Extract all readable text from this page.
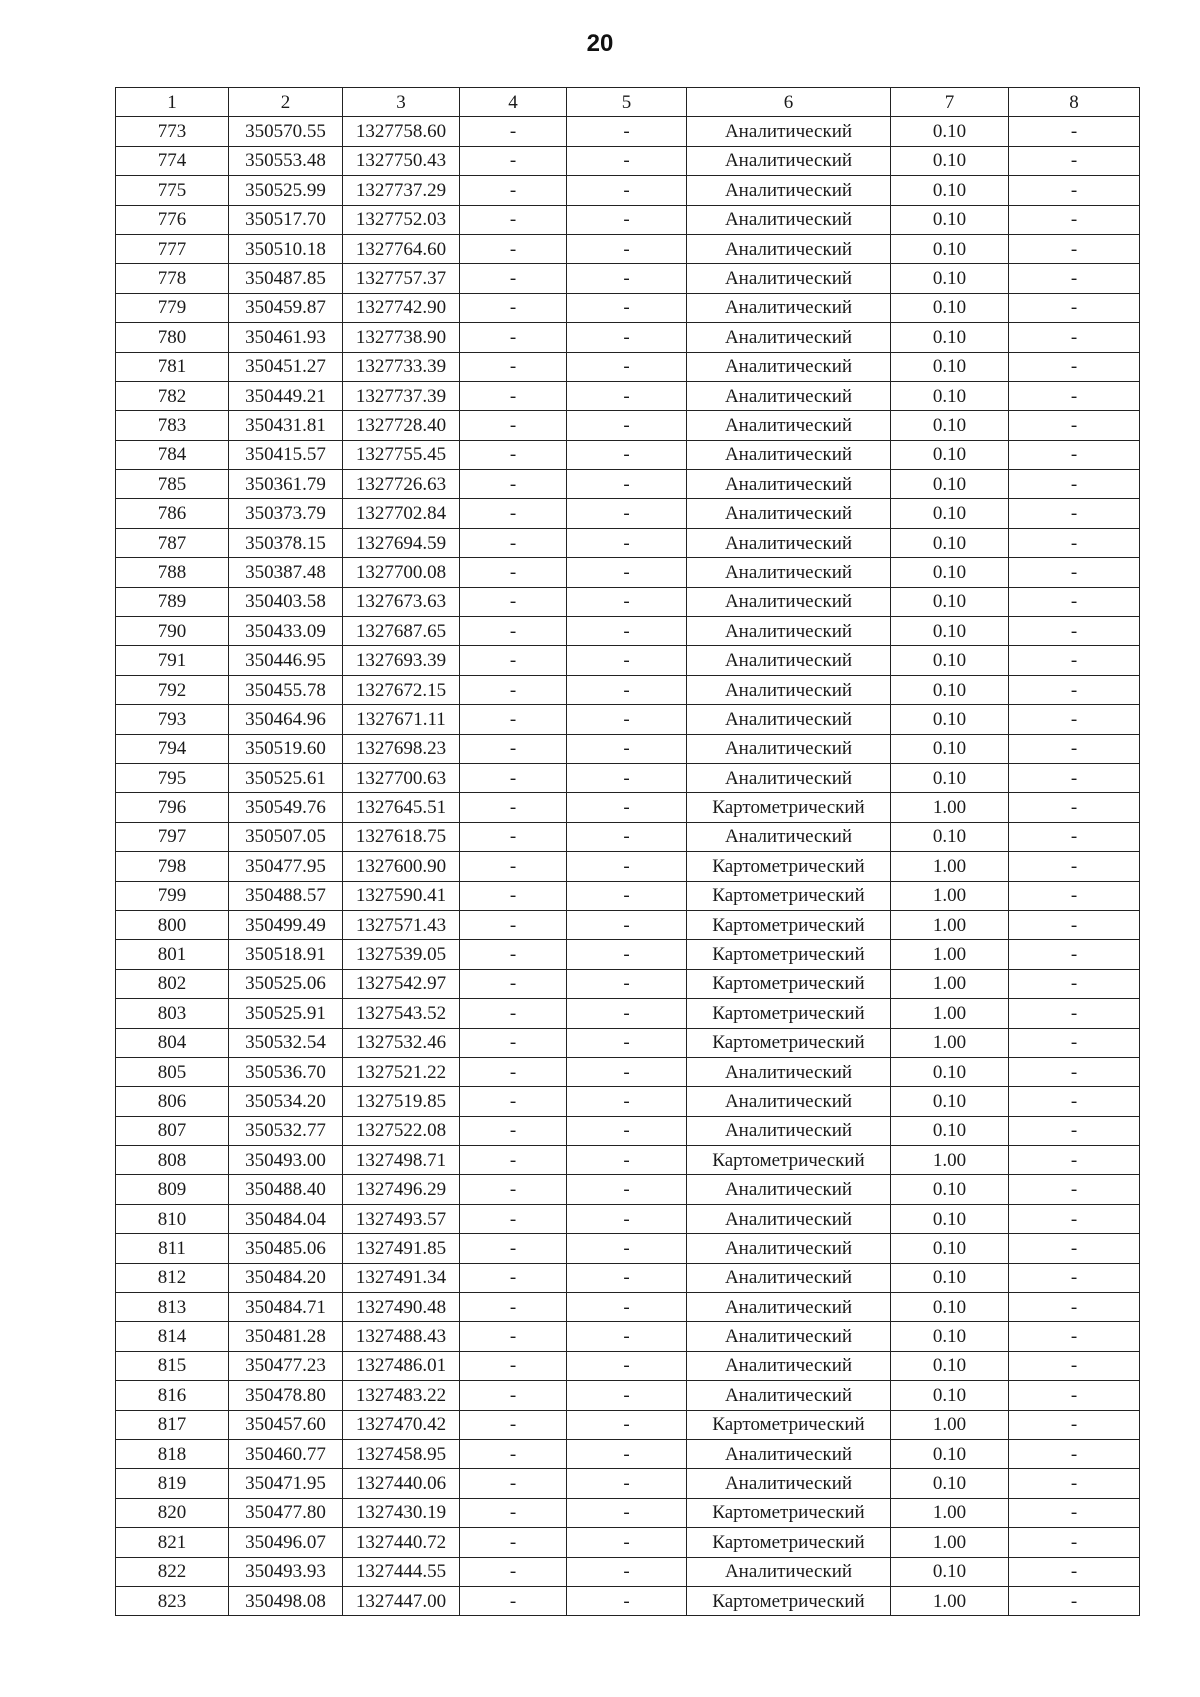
20
1	2	3	4	5	6	7	8
773	350570.55	1327758.60	-	-	Аналитический	0.10	-
774	350553.48	1327750.43	-	-	Аналитический	0.10	-
775	350525.99	1327737.29	-	-	Аналитический	0.10	-
776	350517.70	1327752.03	-	-	Аналитический	0.10	-
777	350510.18	1327764.60	-	-	Аналитический	0.10	-
778	350487.85	1327757.37	-	-	Аналитический	0.10	-
779	350459.87	1327742.90	-	-	Аналитический	0.10	-
780	350461.93	1327738.90	-	-	Аналитический	0.10	-
781	350451.27	1327733.39	-	-	Аналитический	0.10	-
782	350449.21	1327737.39	-	-	Аналитический	0.10	-
783	350431.81	1327728.40	-	-	Аналитический	0.10	-
784	350415.57	1327755.45	-	-	Аналитический	0.10	-
785	350361.79	1327726.63	-	-	Аналитический	0.10	-
786	350373.79	1327702.84	-	-	Аналитический	0.10	-
787	350378.15	1327694.59	-	-	Аналитический	0.10	-
788	350387.48	1327700.08	-	-	Аналитический	0.10	-
789	350403.58	1327673.63	-	-	Аналитический	0.10	-
790	350433.09	1327687.65	-	-	Аналитический	0.10	-
791	350446.95	1327693.39	-	-	Аналитический	0.10	-
792	350455.78	1327672.15	-	-	Аналитический	0.10	-
793	350464.96	1327671.11	-	-	Аналитический	0.10	-
794	350519.60	1327698.23	-	-	Аналитический	0.10	-
795	350525.61	1327700.63	-	-	Аналитический	0.10	-
796	350549.76	1327645.51	-	-	Картометрический	1.00	-
797	350507.05	1327618.75	-	-	Аналитический	0.10	-
798	350477.95	1327600.90	-	-	Картометрический	1.00	-
799	350488.57	1327590.41	-	-	Картометрический	1.00	-
800	350499.49	1327571.43	-	-	Картометрический	1.00	-
801	350518.91	1327539.05	-	-	Картометрический	1.00	-
802	350525.06	1327542.97	-	-	Картометрический	1.00	-
803	350525.91	1327543.52	-	-	Картометрический	1.00	-
804	350532.54	1327532.46	-	-	Картометрический	1.00	-
805	350536.70	1327521.22	-	-	Аналитический	0.10	-
806	350534.20	1327519.85	-	-	Аналитический	0.10	-
807	350532.77	1327522.08	-	-	Аналитический	0.10	-
808	350493.00	1327498.71	-	-	Картометрический	1.00	-
809	350488.40	1327496.29	-	-	Аналитический	0.10	-
810	350484.04	1327493.57	-	-	Аналитический	0.10	-
811	350485.06	1327491.85	-	-	Аналитический	0.10	-
812	350484.20	1327491.34	-	-	Аналитический	0.10	-
813	350484.71	1327490.48	-	-	Аналитический	0.10	-
814	350481.28	1327488.43	-	-	Аналитический	0.10	-
815	350477.23	1327486.01	-	-	Аналитический	0.10	-
816	350478.80	1327483.22	-	-	Аналитический	0.10	-
817	350457.60	1327470.42	-	-	Картометрический	1.00	-
818	350460.77	1327458.95	-	-	Аналитический	0.10	-
819	350471.95	1327440.06	-	-	Аналитический	0.10	-
820	350477.80	1327430.19	-	-	Картометрический	1.00	-
821	350496.07	1327440.72	-	-	Картометрический	1.00	-
822	350493.93	1327444.55	-	-	Аналитический	0.10	-
823	350498.08	1327447.00	-	-	Картометрический	1.00	-
